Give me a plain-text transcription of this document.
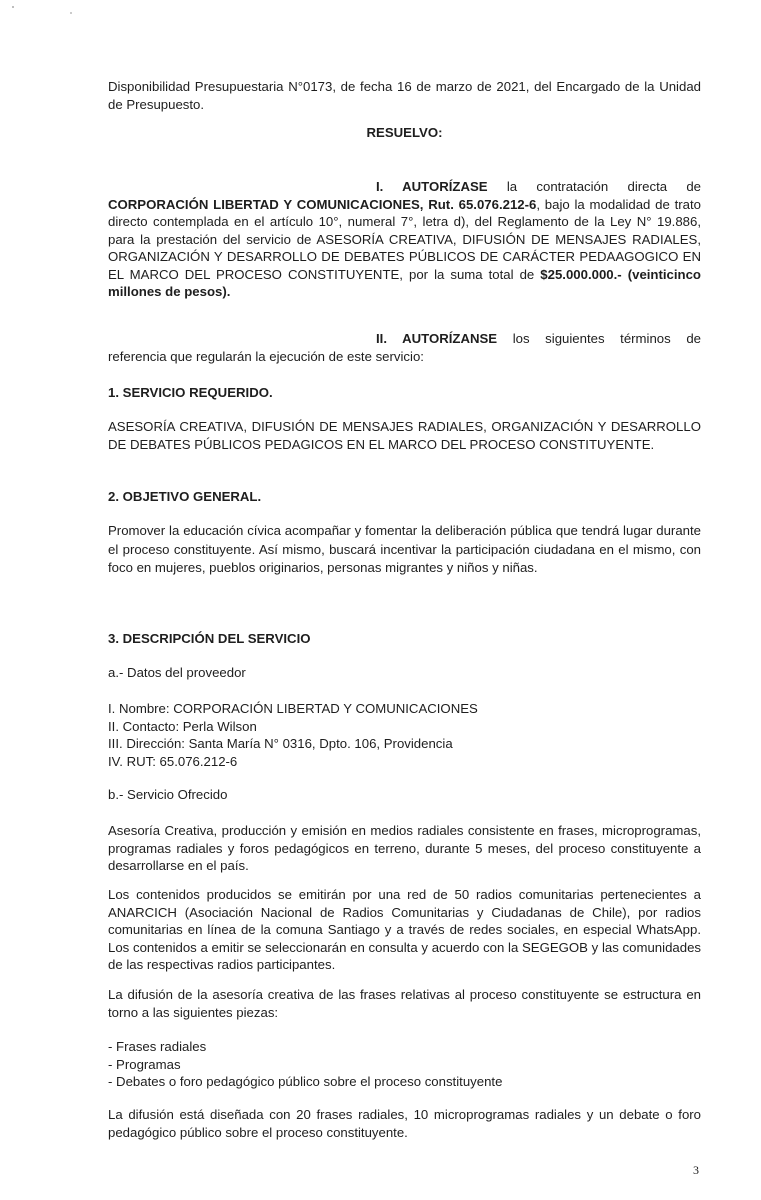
Disponibilidad Presupuestaria N°0173, de fecha 16 de marzo de 2021, del Encargado de la Unidad de Presupuesto.

RESUELVO:

I. AUTORÍZASE la contratación directa de CORPORACIÓN LIBERTAD Y COMUNICACIONES, Rut. 65.076.212-6, bajo la modalidad de trato directo contemplada en el artículo 10°, numeral 7°, letra d), del Reglamento de la Ley N° 19.886, para la prestación del servicio de ASESORÍA CREATIVA, DIFUSIÓN DE MENSAJES RADIALES, ORGANIZACIÓN Y DESARROLLO DE DEBATES PÚBLICOS DE CARÁCTER PEDAAGOGICO EN EL MARCO DEL PROCESO CONSTITUYENTE, por la suma total de $25.000.000.- (veinticinco millones de pesos).

II. AUTORÍZANSE los siguientes términos de referencia que regularán la ejecución de este servicio:

1. SERVICIO REQUERIDO.

ASESORÍA CREATIVA, DIFUSIÓN DE MENSAJES RADIALES, ORGANIZACIÓN Y DESARROLLO DE DEBATES PÚBLICOS PEDAGICOS EN EL MARCO DEL PROCESO CONSTITUYENTE.

2. OBJETIVO GENERAL.

Promover la educación cívica acompañar y fomentar la deliberación pública que tendrá lugar durante el proceso constituyente. Así mismo, buscará incentivar la participación ciudadana en el mismo, con foco en mujeres, pueblos originarios, personas migrantes y niños y niñas.

3. DESCRIPCIÓN DEL SERVICIO

a.- Datos del proveedor

I. Nombre: CORPORACIÓN LIBERTAD Y COMUNICACIONES

II. Contacto: Perla Wilson

III. Dirección: Santa María N° 0316, Dpto. 106, Providencia

IV. RUT: 65.076.212-6

b.- Servicio Ofrecido

Asesoría Creativa, producción y emisión en medios radiales consistente en frases, microprogramas, programas radiales y foros pedagógicos en terreno, durante 5 meses, del proceso constituyente a desarrollarse en el país.

Los contenidos producidos se emitirán por una red de 50 radios comunitarias pertenecientes a ANARCICH (Asociación Nacional de Radios Comunitarias y Ciudadanas de Chile), por radios comunitarias en línea de la comuna Santiago y a través de redes sociales, en especial WhatsApp. Los contenidos a emitir se seleccionarán en consulta y acuerdo con la SEGEGOB y las comunidades de las respectivas radios participantes.

La difusión de la asesoría creativa de las frases relativas al proceso constituyente se estructura en torno a las siguientes piezas:

- Frases radiales

- Programas

- Debates o foro pedagógico público sobre el proceso constituyente

La difusión está diseñada con 20 frases radiales, 10 microprogramas radiales y un debate o foro pedagógico público sobre el proceso constituyente.

3
